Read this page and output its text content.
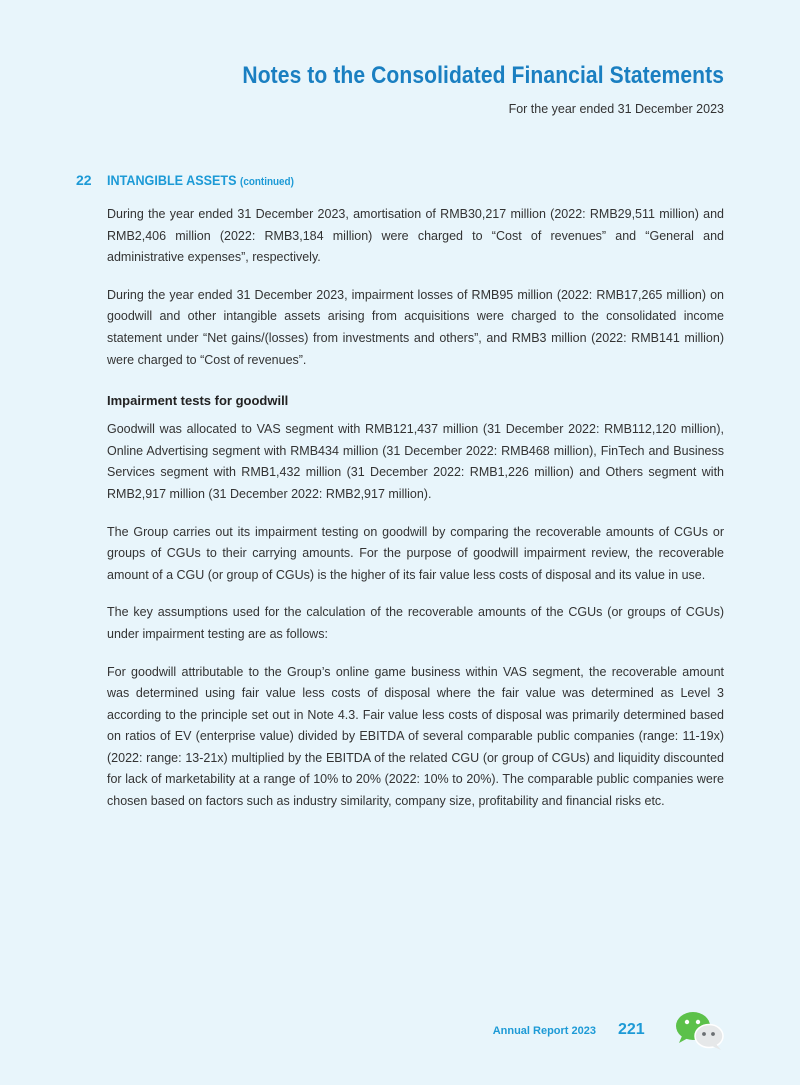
Notes to the Consolidated Financial Statements
For the year ended 31 December 2023
22 INTANGIBLE ASSETS (continued)

During the year ended 31 December 2023, amortisation of RMB30,217 million (2022: RMB29,511 million) and RMB2,406 million (2022: RMB3,184 million) were charged to “Cost of revenues” and “General and administrative expenses”, respectively.

During the year ended 31 December 2023, impairment losses of RMB95 million (2022: RMB17,265 million) on goodwill and other intangible assets arising from acquisitions were charged to the consolidated income statement under “Net gains/(losses) from investments and others”, and RMB3 million (2022: RMB141 million) were charged to “Cost of revenues”.

Impairment tests for goodwill

Goodwill was allocated to VAS segment with RMB121,437 million (31 December 2022: RMB112,120 million), Online Advertising segment with RMB434 million (31 December 2022: RMB468 million), FinTech and Business Services segment with RMB1,432 million (31 December 2022: RMB1,226 million) and Others segment with RMB2,917 million (31 December 2022: RMB2,917 million).

The Group carries out its impairment testing on goodwill by comparing the recoverable amounts of CGUs or groups of CGUs to their carrying amounts. For the purpose of goodwill impairment review, the recoverable amount of a CGU (or group of CGUs) is the higher of its fair value less costs of disposal and its value in use.

The key assumptions used for the calculation of the recoverable amounts of the CGUs (or groups of CGUs) under impairment testing are as follows:

For goodwill attributable to the Group’s online game business within VAS segment, the recoverable amount was determined using fair value less costs of disposal where the fair value was determined as Level 3 according to the principle set out in Note 4.3. Fair value less costs of disposal was primarily determined based on ratios of EV (enterprise value) divided by EBITDA of several comparable public companies (range: 11-19x) (2022: range: 13-21x) multiplied by the EBITDA of the related CGU (or group of CGUs) and liquidity discounted for lack of marketability at a range of 10% to 20% (2022: 10% to 20%). The comparable public companies were chosen based on factors such as industry similarity, company size, profitability and financial risks etc.

Annual Report 2023 221
